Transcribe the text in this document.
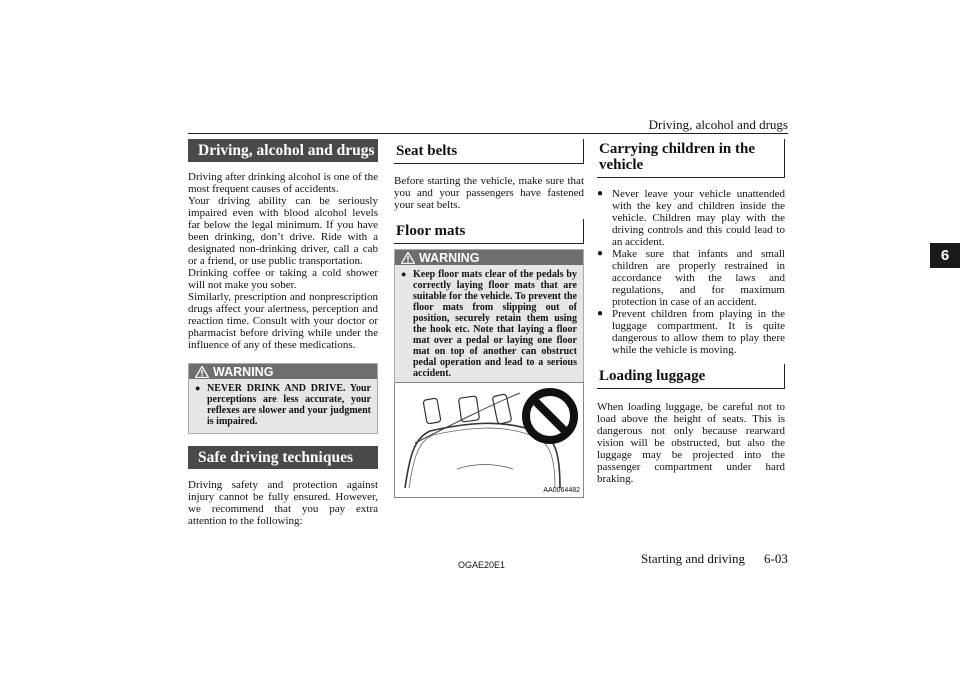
Driving, alcohol and drugs
6
Driving, alcohol and drugs

Driving after drinking alcohol is one of the most frequent causes of accidents.

Your driving ability can be seriously impaired even with blood alcohol levels far below the legal minimum. If you have been drinking, don’t drive. Ride with a designated non-drinking driver, call a cab or a friend, or use public transportation.

Drinking coffee or taking a cold shower will not make you sober.

Similarly, prescription and nonprescription drugs affect your alertness, perception and reaction time. Consult with your doctor or pharmacist before driving while under the influence of any of these medications.

WARNING
● NEVER DRINK AND DRIVE. Your perceptions are less accurate, your reflexes are slower and your judgment is impaired.
Safe driving techniques

Driving safety and protection against injury cannot be fully ensured. However, we recommend that you pay extra attention to the following:

Seat belts

Before starting the vehicle, make sure that you and your passengers have fastened your seat belts.

Floor mats
WARNING
● Keep floor mats clear of the pedals by correctly laying floor mats that are suitable for the vehicle. To prevent the floor mats from slipping out of position, securely retain them using the hook etc. Note that laying a floor mat over a pedal or laying one floor mat on top of another can obstruct pedal operation and lead to a serious accident.
AA0064482
Carrying children in the vehicle
● Never leave your vehicle unattended with the key and children inside the vehicle. Children may play with the driving controls and this could lead to an accident.
● Make sure that infants and small children are properly restrained in accordance with the laws and regulations, and for maximum protection in case of an accident.
● Prevent children from playing in the luggage compartment. It is quite dangerous to allow them to play there while the vehicle is moving.
Loading luggage

When loading luggage, be careful not to load above the height of seats. This is dangerous not only because rearward vision will be obstructed, but also the luggage may be projected into the passenger compartment under hard braking.

OGAE20E1	Starting and driving 6-03
